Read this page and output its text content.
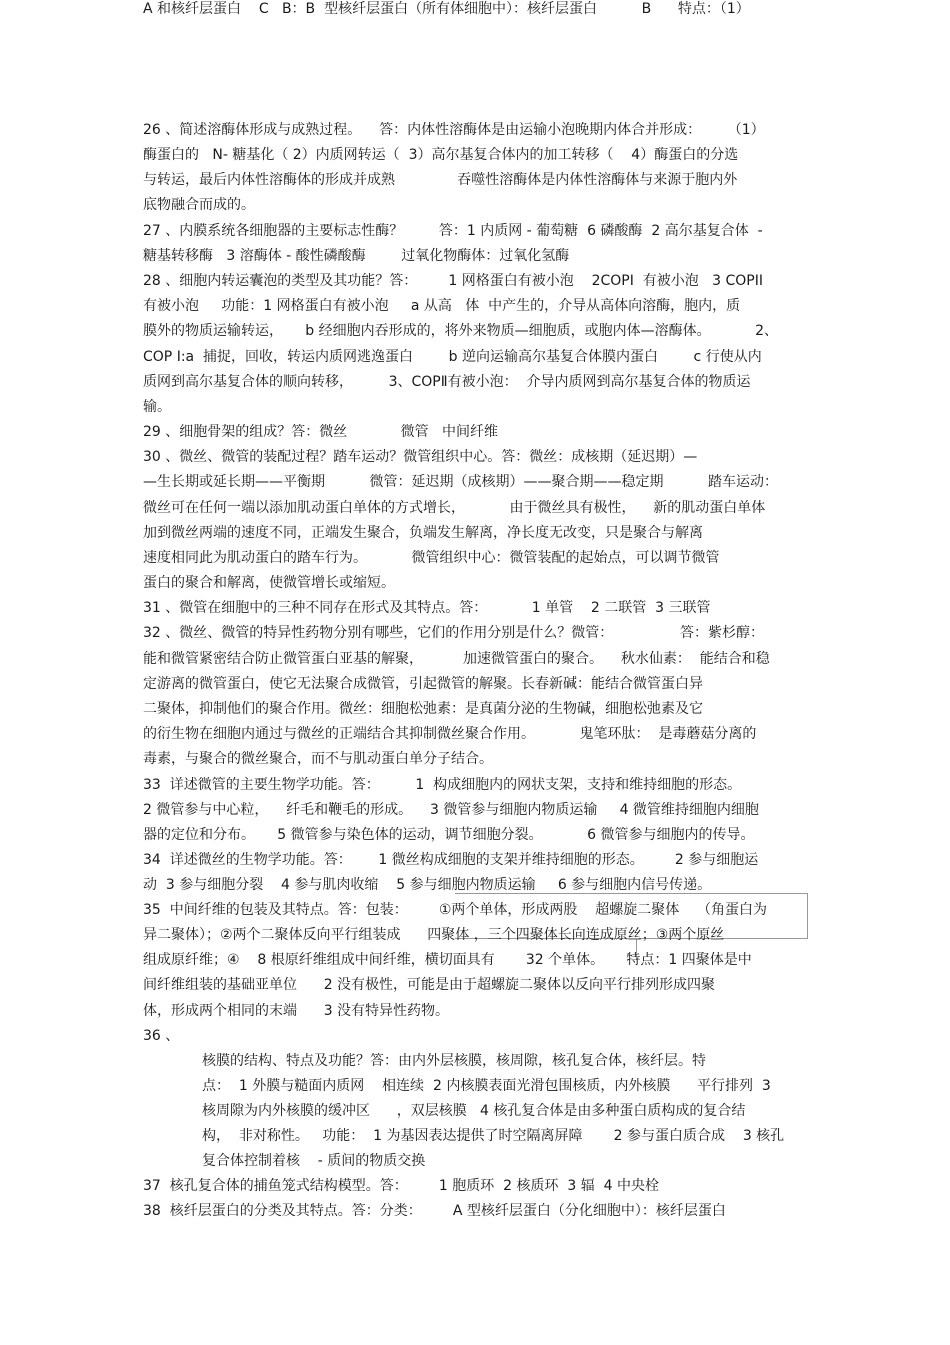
26 、简述溶酶体形成与成熟过程。    答：内体性溶酶体是由运输小泡晚期内体合并形成：      （1）
酶蛋白的   N- 糖基化（ 2）内质网转运（  3）高尔基复合体内的加工转移（    4）酶蛋白的分选
与转运，最后内体性溶酶体的形成并成熟              吞噬性溶酶体是内体性溶酶体与来源于胞内外
底物融合而成的。
27 、内膜系统各细胞器的主要标志性酶？        答：1 内质网 - 葡萄糖  6 磷酸酶  2 高尔基复合体  -
糖基转移酶   3 溶酶体 - 酸性磷酸酶        过氧化物酶体：过氧化氢酶
28 、细胞内转运囊泡的类型及其功能？答：       1 网格蛋白有被小泡    2COPI  有被小泡   3 COPII
有被小泡     功能：1 网格蛋白有被小泡     a 从高   体  中产生的，介导从高体向溶酶，胞内，质
膜外的物质运输转运，     b 经细胞内吞形成的，将外来物质—细胞质，或胞内体—溶酶体。          2、
COP Ⅰ:a  捕捉，回收，转运内质网逃逸蛋白        b 逆向运输高尔基复合体膜内蛋白        c 行使从内
质网到高尔基复合体的顺向转移，        3、COPⅡ有被小泡：  介导内质网到高尔基复合体的物质运
输。
29 、细胞骨架的组成？答：微丝            微管   中间纤维
30 、微丝、微管的装配过程？踏车运动？微管组织中心。答：微丝：成核期（延迟期）—
—生长期或延长期——平衡期          微管：延迟期（成核期）——聚合期——稳定期          踏车运动：
微丝可在任何一端以添加肌动蛋白单体的方式增长，          由于微丝具有极性，    新的肌动蛋白单体
加到微丝两端的速度不同，正端发生聚合，负端发生解离，净长度无改变，只是聚合与解离
速度相同此为肌动蛋白的踏车行为。          微管组织中心：微管装配的起始点，可以调节微管
蛋白的聚合和解离，使微管增长或缩短。
31 、微管在细胞中的三种不同存在形式及其特点。答：          1 单管    2 二联管  3 三联管
32 、微丝、微管的特异性药物分别有哪些，它们的作用分别是什么？微管：               答：紫杉醇：
能和微管紧密结合防止微管蛋白亚基的解聚，         加速微管蛋白的聚合。    秋水仙素：  能结合和稳
定游离的微管蛋白，使它无法聚合成微管，引起微管的解聚。长春新碱：能结合微管蛋白异
二聚体，抑制他们的聚合作用。微丝：细胞松弛素：是真菌分泌的生物碱，细胞松弛素及它
的衍生物在细胞内通过与微丝的正端结合其抑制微丝聚合作用。          鬼笔环肽：  是毒蘑菇分离的
毒素，与聚合的微丝聚合，而不与肌动蛋白单分子结合。
33  详述微管的主要生物学功能。答：        1  构成细胞内的网状支架，支持和维持细胞的形态。
2 微管参与中心粒，    纤毛和鞭毛的形成。    3 微管参与细胞内物质运输     4 微管维持细胞内细胞
器的定位和分布。     5 微管参与染色体的运动，调节细胞分裂。          6 微管参与细胞内的传导。
34  详述微丝的生物学功能。答：      1 微丝构成细胞的支架并维持细胞的形态。       2 参与细胞运
动  3 参与细胞分裂    4 参与肌肉收缩    5 参与细胞内物质运输     6 参与细胞内信号传递。
35  中间纤维的包装及其特点。答：包装：       ①两个单体，形成两股    超螺旋二聚体    （角蛋白为
异二聚体）；②两个二聚体反向平行组装成      四聚体 ，三个四聚体长向连成原丝；③两个原丝
组成原纤维；④    8 根原纤维组成中间纤维，横切面具有       32 个单体。     特点：1 四聚体是中
间纤维组装的基础亚单位      2 没有极性，可能是由于超螺旋二聚体以反向平行排列形成四聚
体，形成两个相同的末端      3 没有特异性药物。
36 、
核膜的结构、特点及功能？答：由内外层核膜，核周隙，核孔复合体，核纤层。特
点：  1 外膜与糙面内质网    相连续  2 内核膜表面光滑包围核质，内外核膜      平行排列  3
核周隙为内外核膜的缓冲区      ，双层核膜   4 核孔复合体是由多种蛋白质构成的复合结
构，  非对称性。   功能：  1 为基因表达提供了时空隔离屏障       2 参与蛋白质合成    3 核孔
复合体控制着核    - 质间的物质交换
37  核孔复合体的捕鱼笼式结构模型。答：       1 胞质环  2 核质环  3 辐  4 中央栓
38  核纤层蛋白的分类及其特点。答：分类：       A 型核纤层蛋白（分化细胞中）：核纤层蛋白
A 和核纤层蛋白    C   B：B  型核纤层蛋白（所有体细胞中）：核纤层蛋白          B      特点：（1）
